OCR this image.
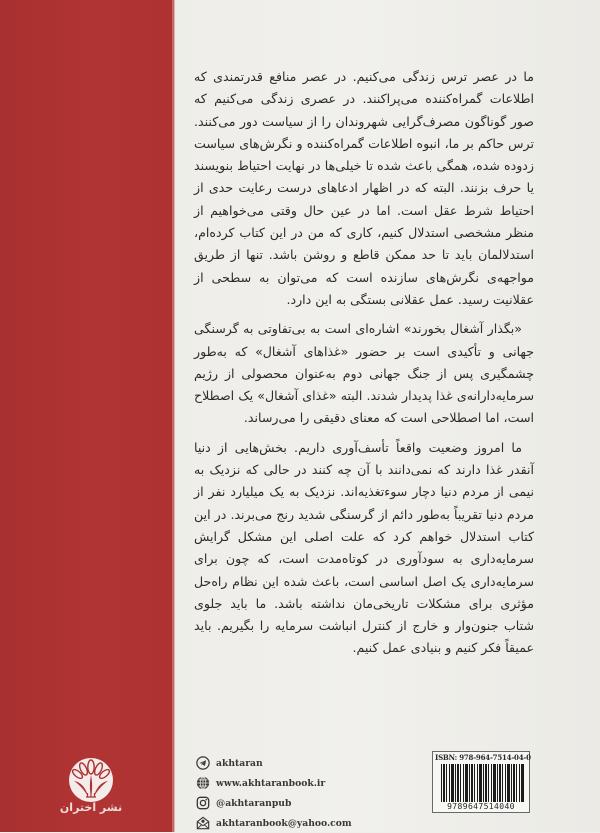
ما در عصر ترس زندگی می‌کنیم. در عصر منافع قدرتمندی که اطلاعات گمراه‌کننده می‌پراکنند. در عصری زندگی می‌کنیم که صور گوناگون مصرف‌گرایی شهروندان را از سیاست دور می‌کنند. ترس حاکم بر ما، انبوه اطلاعات گمراه‌کننده و نگرش‌های سیاست زدوده شده، همگی باعث شده تا خیلی‌ها در نهایت احتیاط بنویسند یا حرف بزنند. البته که در اظهار ادعاهای درست رعایت حدی از احتیاط شرط عقل است. اما در عین حال وقتی می‌خواهیم از منظر مشخصی استدلال کنیم، کاری که من در این کتاب کرده‌ام، استدلالمان باید تا حد ممکن قاطع و روشن باشد. تنها از طریق مواجهه‌ی نگرش‌های سازنده است که می‌توان به سطحی از عقلانیت رسید. عمل عقلانی بستگی به این دارد.

«بگذار آشغال بخورند» اشاره‌ای است به بی‌تفاوتی به گرسنگی جهانی و تأکیدی است بر حضور «غذاهای آشغال» که به‌طور چشمگیری پس از جنگ جهانی دوم به‌عنوان محصولی از رژیم سرمایه‌دارانه‌ی غذا پدیدار شدند. البته «غذای آشغال» یک اصطلاح است، اما اصطلاحی است که معنای دقیقی را می‌رساند.

ما امروز وضعیت واقعاً تأسف‌آوری داریم. بخش‌هایی از دنیا آنقدر غذا دارند که نمی‌دانند با آن چه کنند در حالی که نزدیک به نیمی از مردم دنیا دچار سوءتغذیه‌اند. نزدیک به یک میلیارد نفر از مردم دنیا تقریباً به‌طور دائم از گرسنگی شدید رنج می‌برند. در این کتاب استدلال خواهم کرد که علت اصلی این مشکل گرایش سرمایه‌داری به سودآوری در کوتاه‌مدت است، که چون برای سرمایه‌داری یک اصل اساسی است، باعث شده این نظام راه‌حل مؤثری برای مشکلات تاریخی‌مان نداشته باشد. ما باید جلوی شتاب جنون‌وار و خارج از کنترل انباشت سرمایه را بگیریم. باید عمیقاً فکر کنیم و بنیادی عمل کنیم.

akhtaran
www.akhtaranbook.ir
@akhtaranpub
akhtaranbook@yahoo.com
ISBN: 978-964-7514-04-0
9789647514040
نشر اختران
